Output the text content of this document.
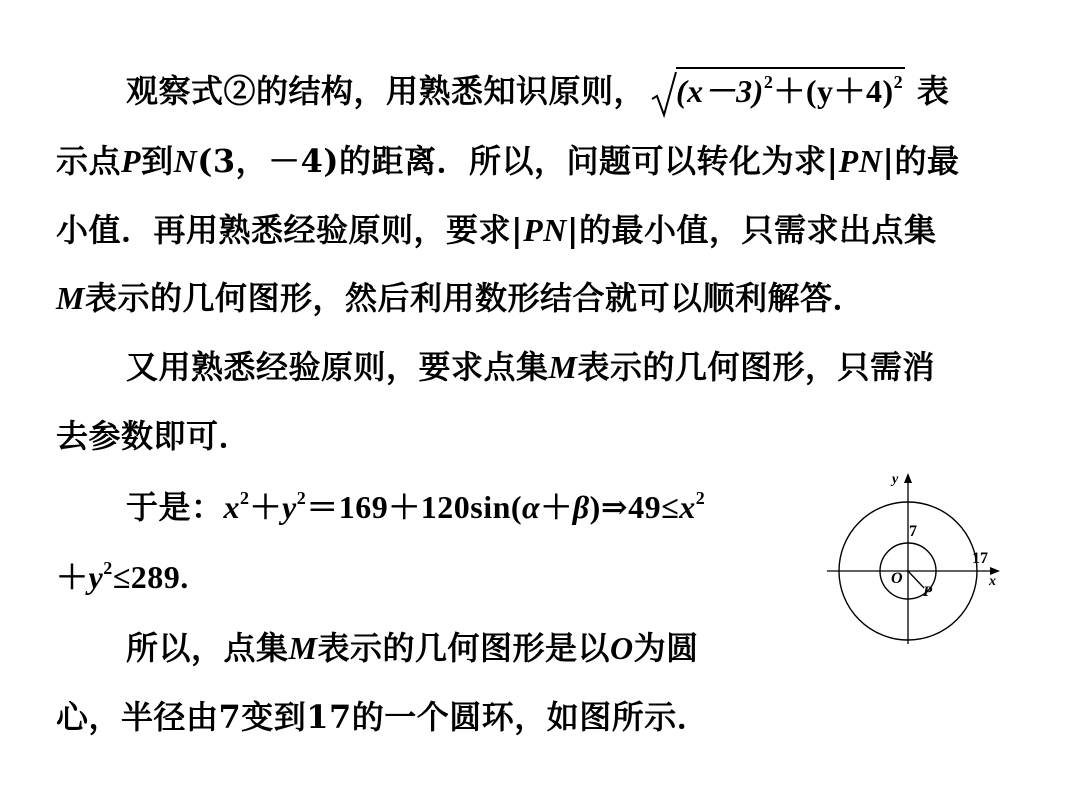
观察式②的结构，用熟悉知识原则， $(x-3)^2+(y+4)^2$ 表
示点P到N(3，－4)的距离．所以，问题可以转化为求|PN|的最
小值．再用熟悉经验原则，要求|PN|的最小值，只需求出点集
M表示的几何图形，然后利用数形结合就可以顺利解答．
又用熟悉经验原则，要求点集M表示的几何图形，只需消
去参数即可．
于是：$x^2+y^2=169+120\sin(\alpha+\beta)\Rightarrow 49\le x^2$
$+y^2\le 289$.
所以，点集M表示的几何图形是以O为圆
心，半径由7变到17的一个圆环，如图所示．
y
x
O
P
7
17
